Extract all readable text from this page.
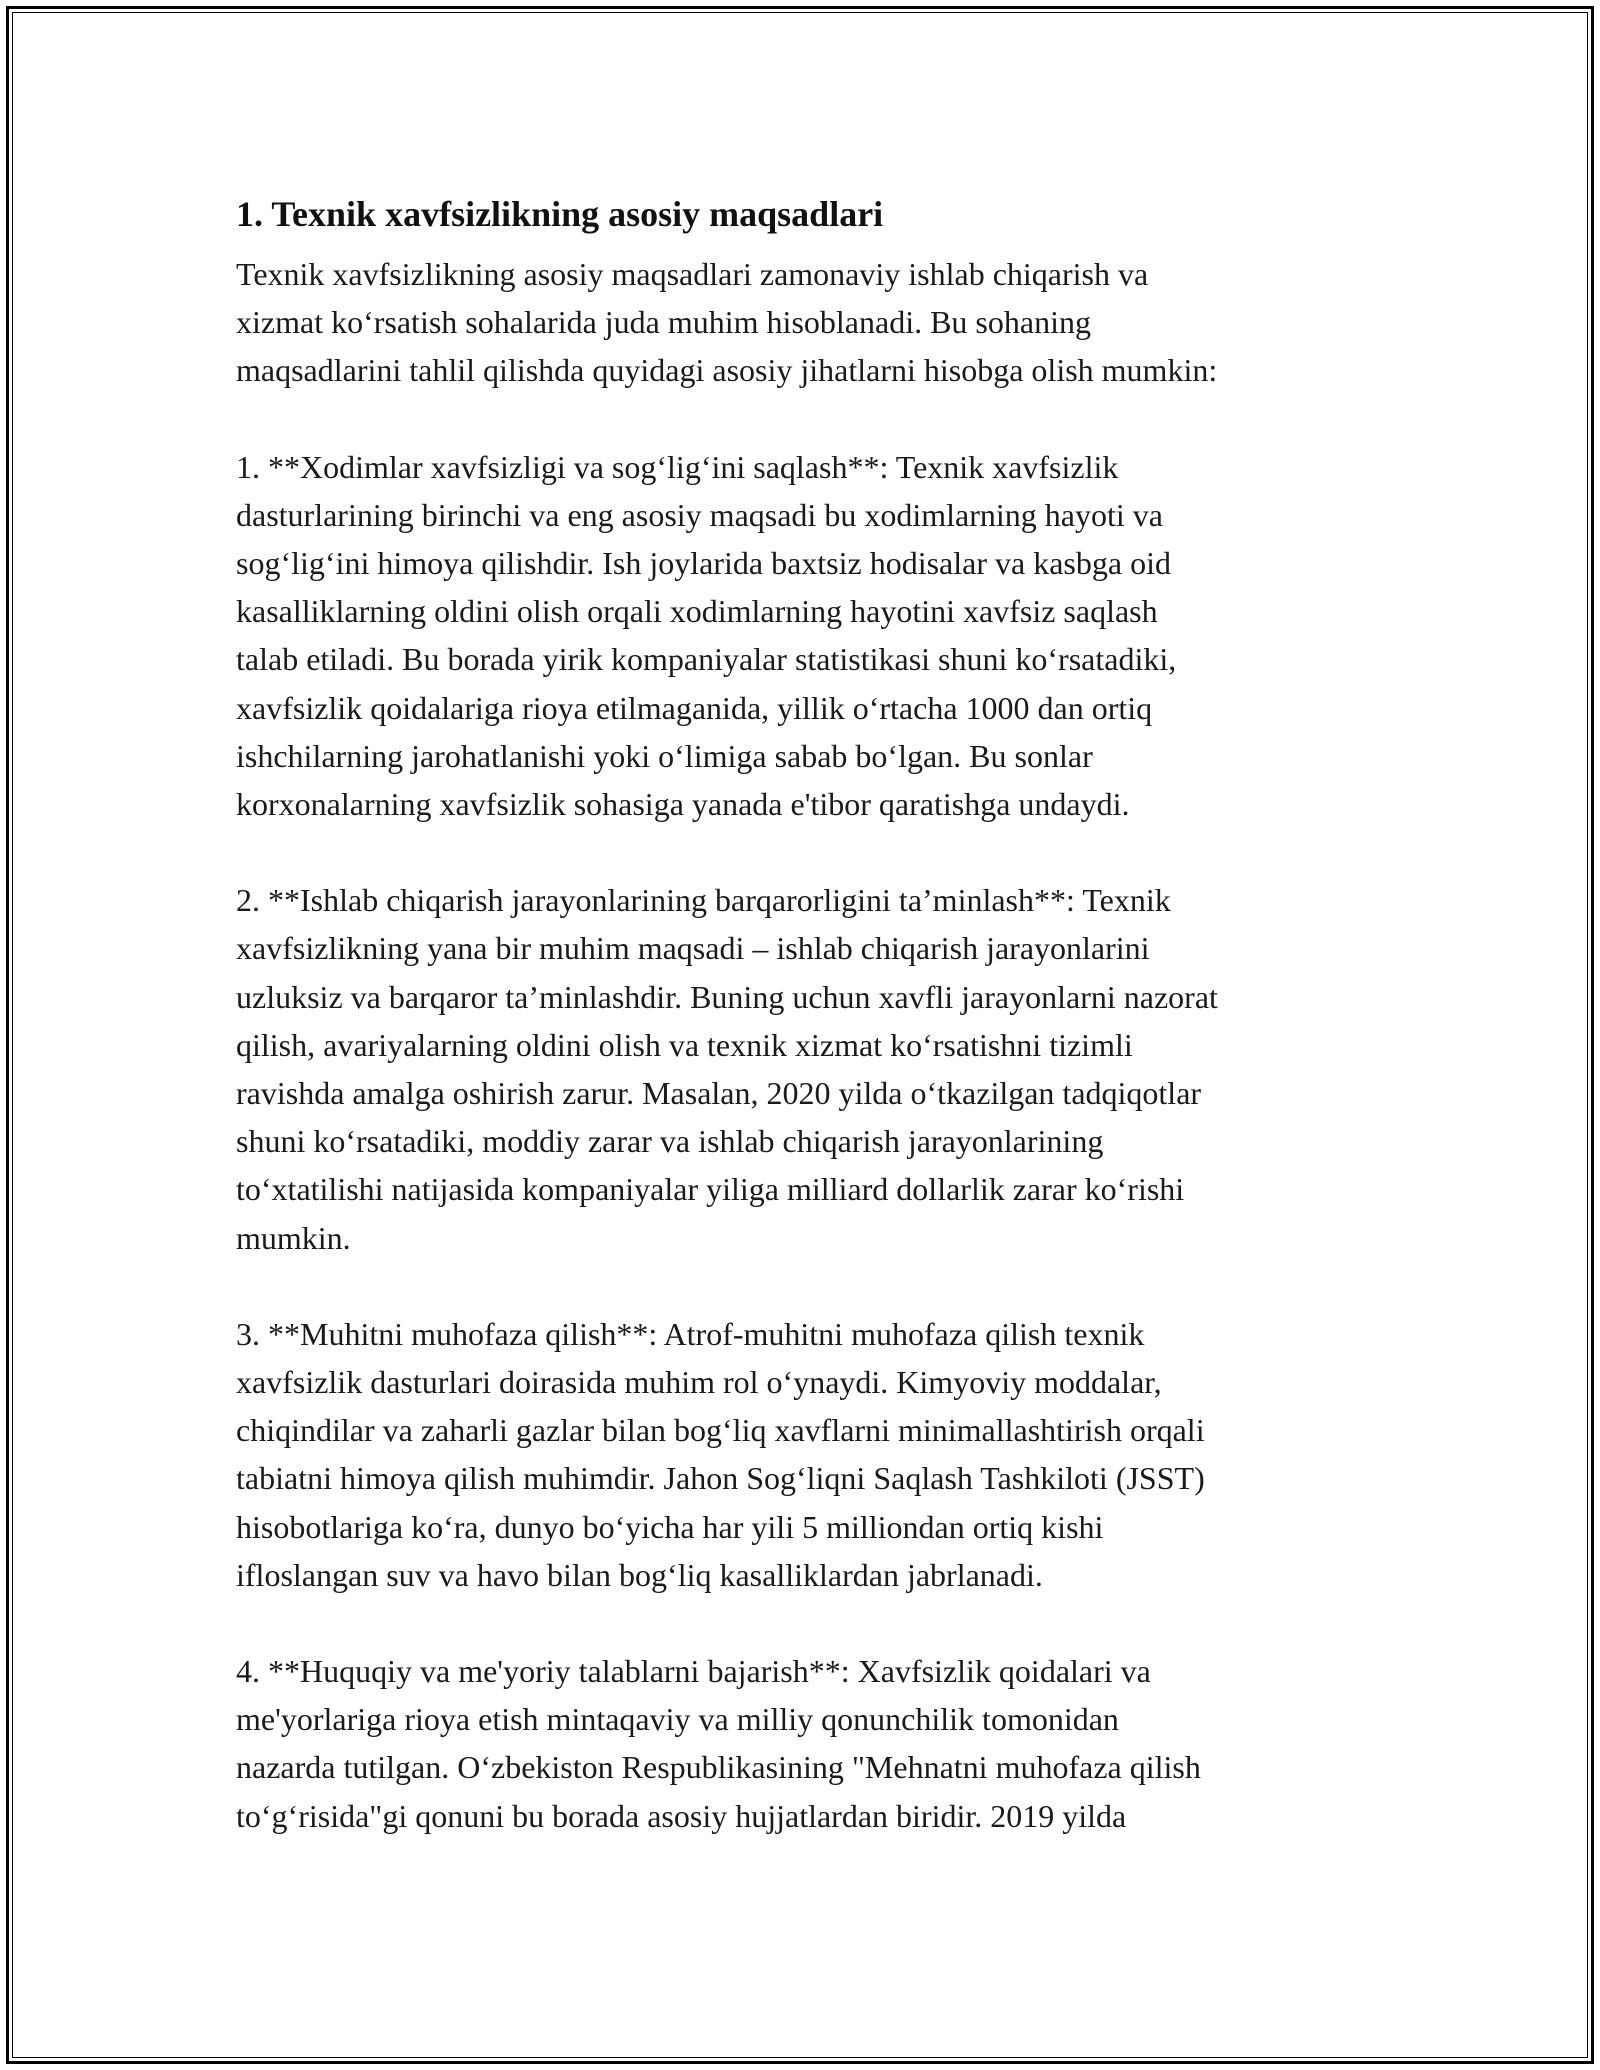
1. Texnik xavfsizlikning asosiy maqsadlari

Texnik xavfsizlikning asosiy maqsadlari zamonaviy ishlab chiqarish va
xizmat ko‘rsatish sohalarida juda muhim hisoblanadi. Bu sohaning
maqsadlarini tahlil qilishda quyidagi asosiy jihatlarni hisobga olish mumkin:

1. **Xodimlar xavfsizligi va sog‘lig‘ini saqlash**: Texnik xavfsizlik
dasturlarining birinchi va eng asosiy maqsadi bu xodimlarning hayoti va
sog‘lig‘ini himoya qilishdir. Ish joylarida baxtsiz hodisalar va kasbga oid
kasalliklarning oldini olish orqali xodimlarning hayotini xavfsiz saqlash
talab etiladi. Bu borada yirik kompaniyalar statistikasi shuni ko‘rsatadiki,
xavfsizlik qoidalariga rioya etilmaganida, yillik o‘rtacha 1000 dan ortiq
ishchilarning jarohatlanishi yoki o‘limiga sabab bo‘lgan. Bu sonlar
korxonalarning xavfsizlik sohasiga yanada e'tibor qaratishga undaydi.

2. **Ishlab chiqarish jarayonlarining barqarorligini ta’minlash**: Texnik
xavfsizlikning yana bir muhim maqsadi – ishlab chiqarish jarayonlarini
uzluksiz va barqaror ta’minlashdir. Buning uchun xavfli jarayonlarni nazorat
qilish, avariyalarning oldini olish va texnik xizmat ko‘rsatishni tizimli
ravishda amalga oshirish zarur. Masalan, 2020 yilda o‘tkazilgan tadqiqotlar
shuni ko‘rsatadiki, moddiy zarar va ishlab chiqarish jarayonlarining
to‘xtatilishi natijasida kompaniyalar yiliga milliard dollarlik zarar ko‘rishi
mumkin.

3. **Muhitni muhofaza qilish**: Atrof-muhitni muhofaza qilish texnik
xavfsizlik dasturlari doirasida muhim rol o‘ynaydi. Kimyoviy moddalar,
chiqindilar va zaharli gazlar bilan bog‘liq xavflarni minimallashtirish orqali
tabiatni himoya qilish muhimdir. Jahon Sog‘liqni Saqlash Tashkiloti (JSST)
hisobotlariga ko‘ra, dunyo bo‘yicha har yili 5 milliondan ortiq kishi
ifloslangan suv va havo bilan bog‘liq kasalliklardan jabrlanadi.

4. **Huquqiy va me'yoriy talablarni bajarish**: Xavfsizlik qoidalari va
me'yorlariga rioya etish mintaqaviy va milliy qonunchilik tomonidan
nazarda tutilgan. O‘zbekiston Respublikasining "Mehnatni muhofaza qilish
to‘g‘risida"gi qonuni bu borada asosiy hujjatlardan biridir. 2019 yilda
